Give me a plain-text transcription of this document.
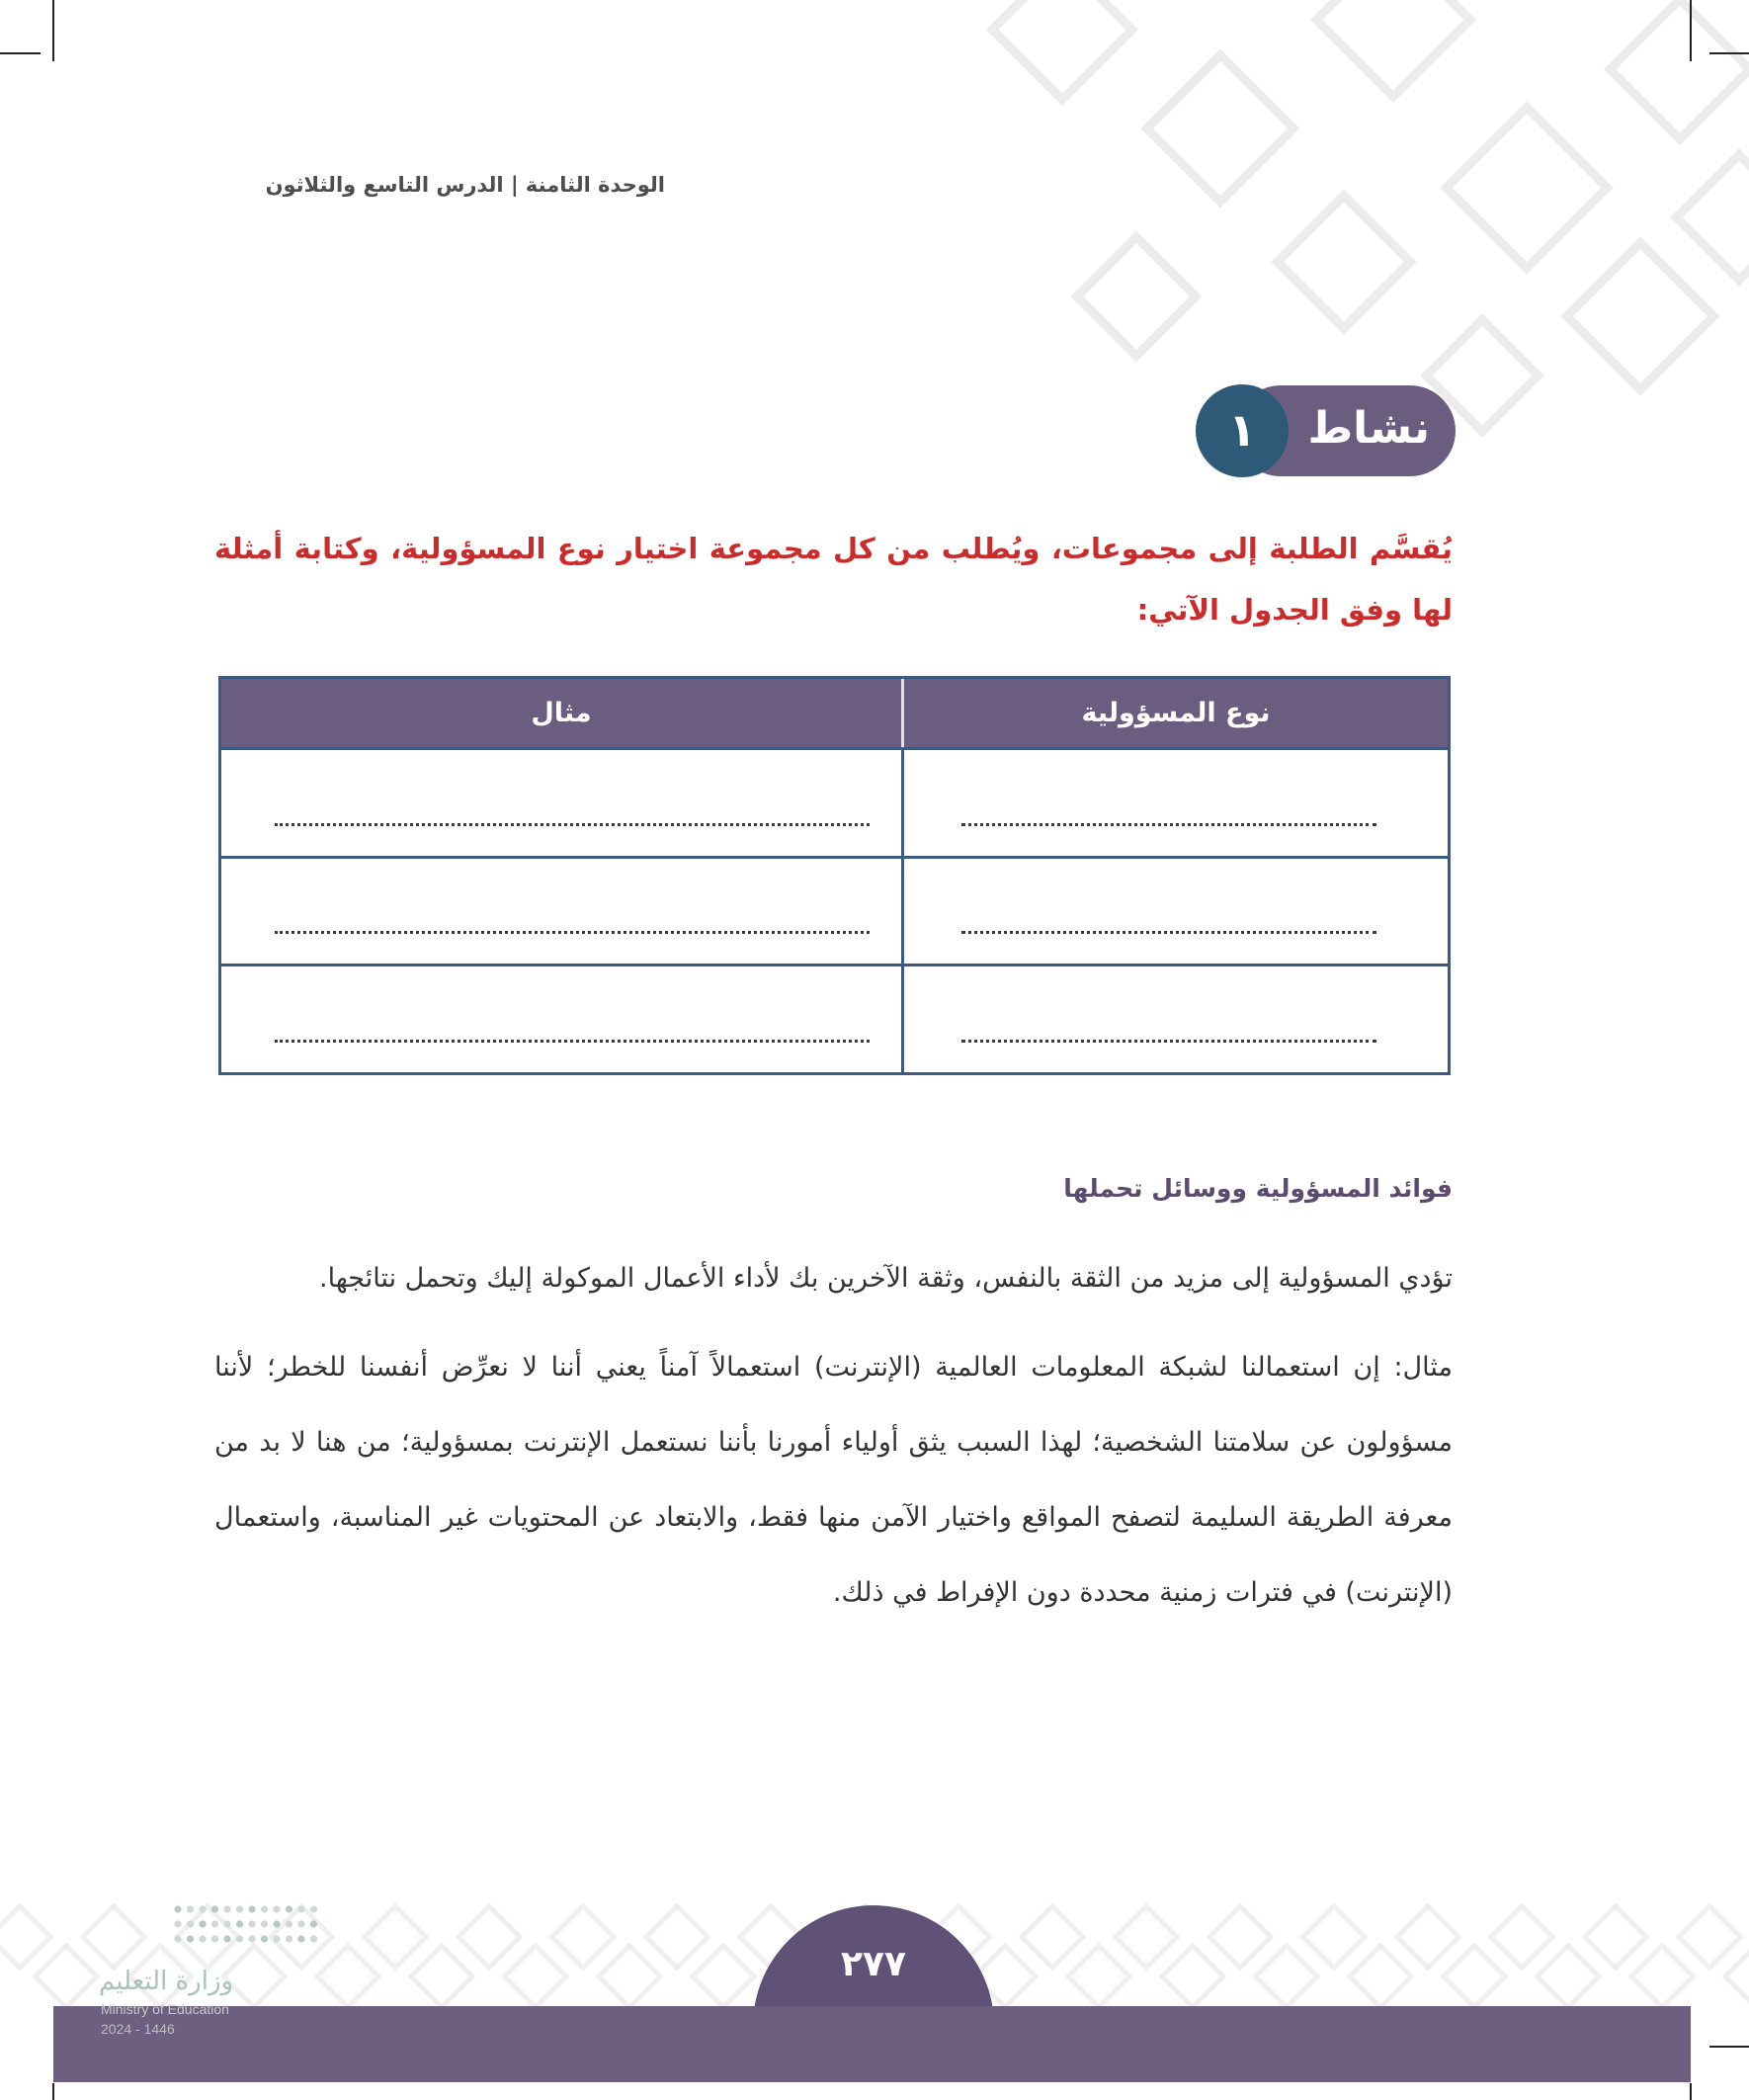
الوحدة الثامنة | الدرس التاسع والثلاثون
نشاط
١

يُقسَّم الطلبة إلى مجموعات، ويُطلب من كل مجموعة اختيار نوع المسؤولية، وكتابة أمثلة لها وفق الجدول الآتي:

نوع المسؤولية
مثال
فوائد المسؤولية ووسائل تحملها

تؤدي المسؤولية إلى مزيد من الثقة بالنفس، وثقة الآخرين بك لأداء الأعمال الموكولة إليك وتحمل نتائجها.

مثال: إن استعمالنا لشبكة المعلومات العالمية (الإنترنت) استعمالاً آمناً يعني أننا لا نعرِّض أنفسنا للخطر؛ لأننا مسؤولون عن سلامتنا الشخصية؛ لهذا السبب يثق أولياء أمورنا بأننا نستعمل الإنترنت بمسؤولية؛ من هنا لا بد من معرفة الطريقة السليمة لتصفح المواقع واختيار الآمن منها فقط، والابتعاد عن المحتويات غير المناسبة، واستعمال (الإنترنت) في فترات زمنية محددة دون الإفراط في ذلك.

٢٧٧
وزارة التعليم
Ministry of Education
2024 - 1446
